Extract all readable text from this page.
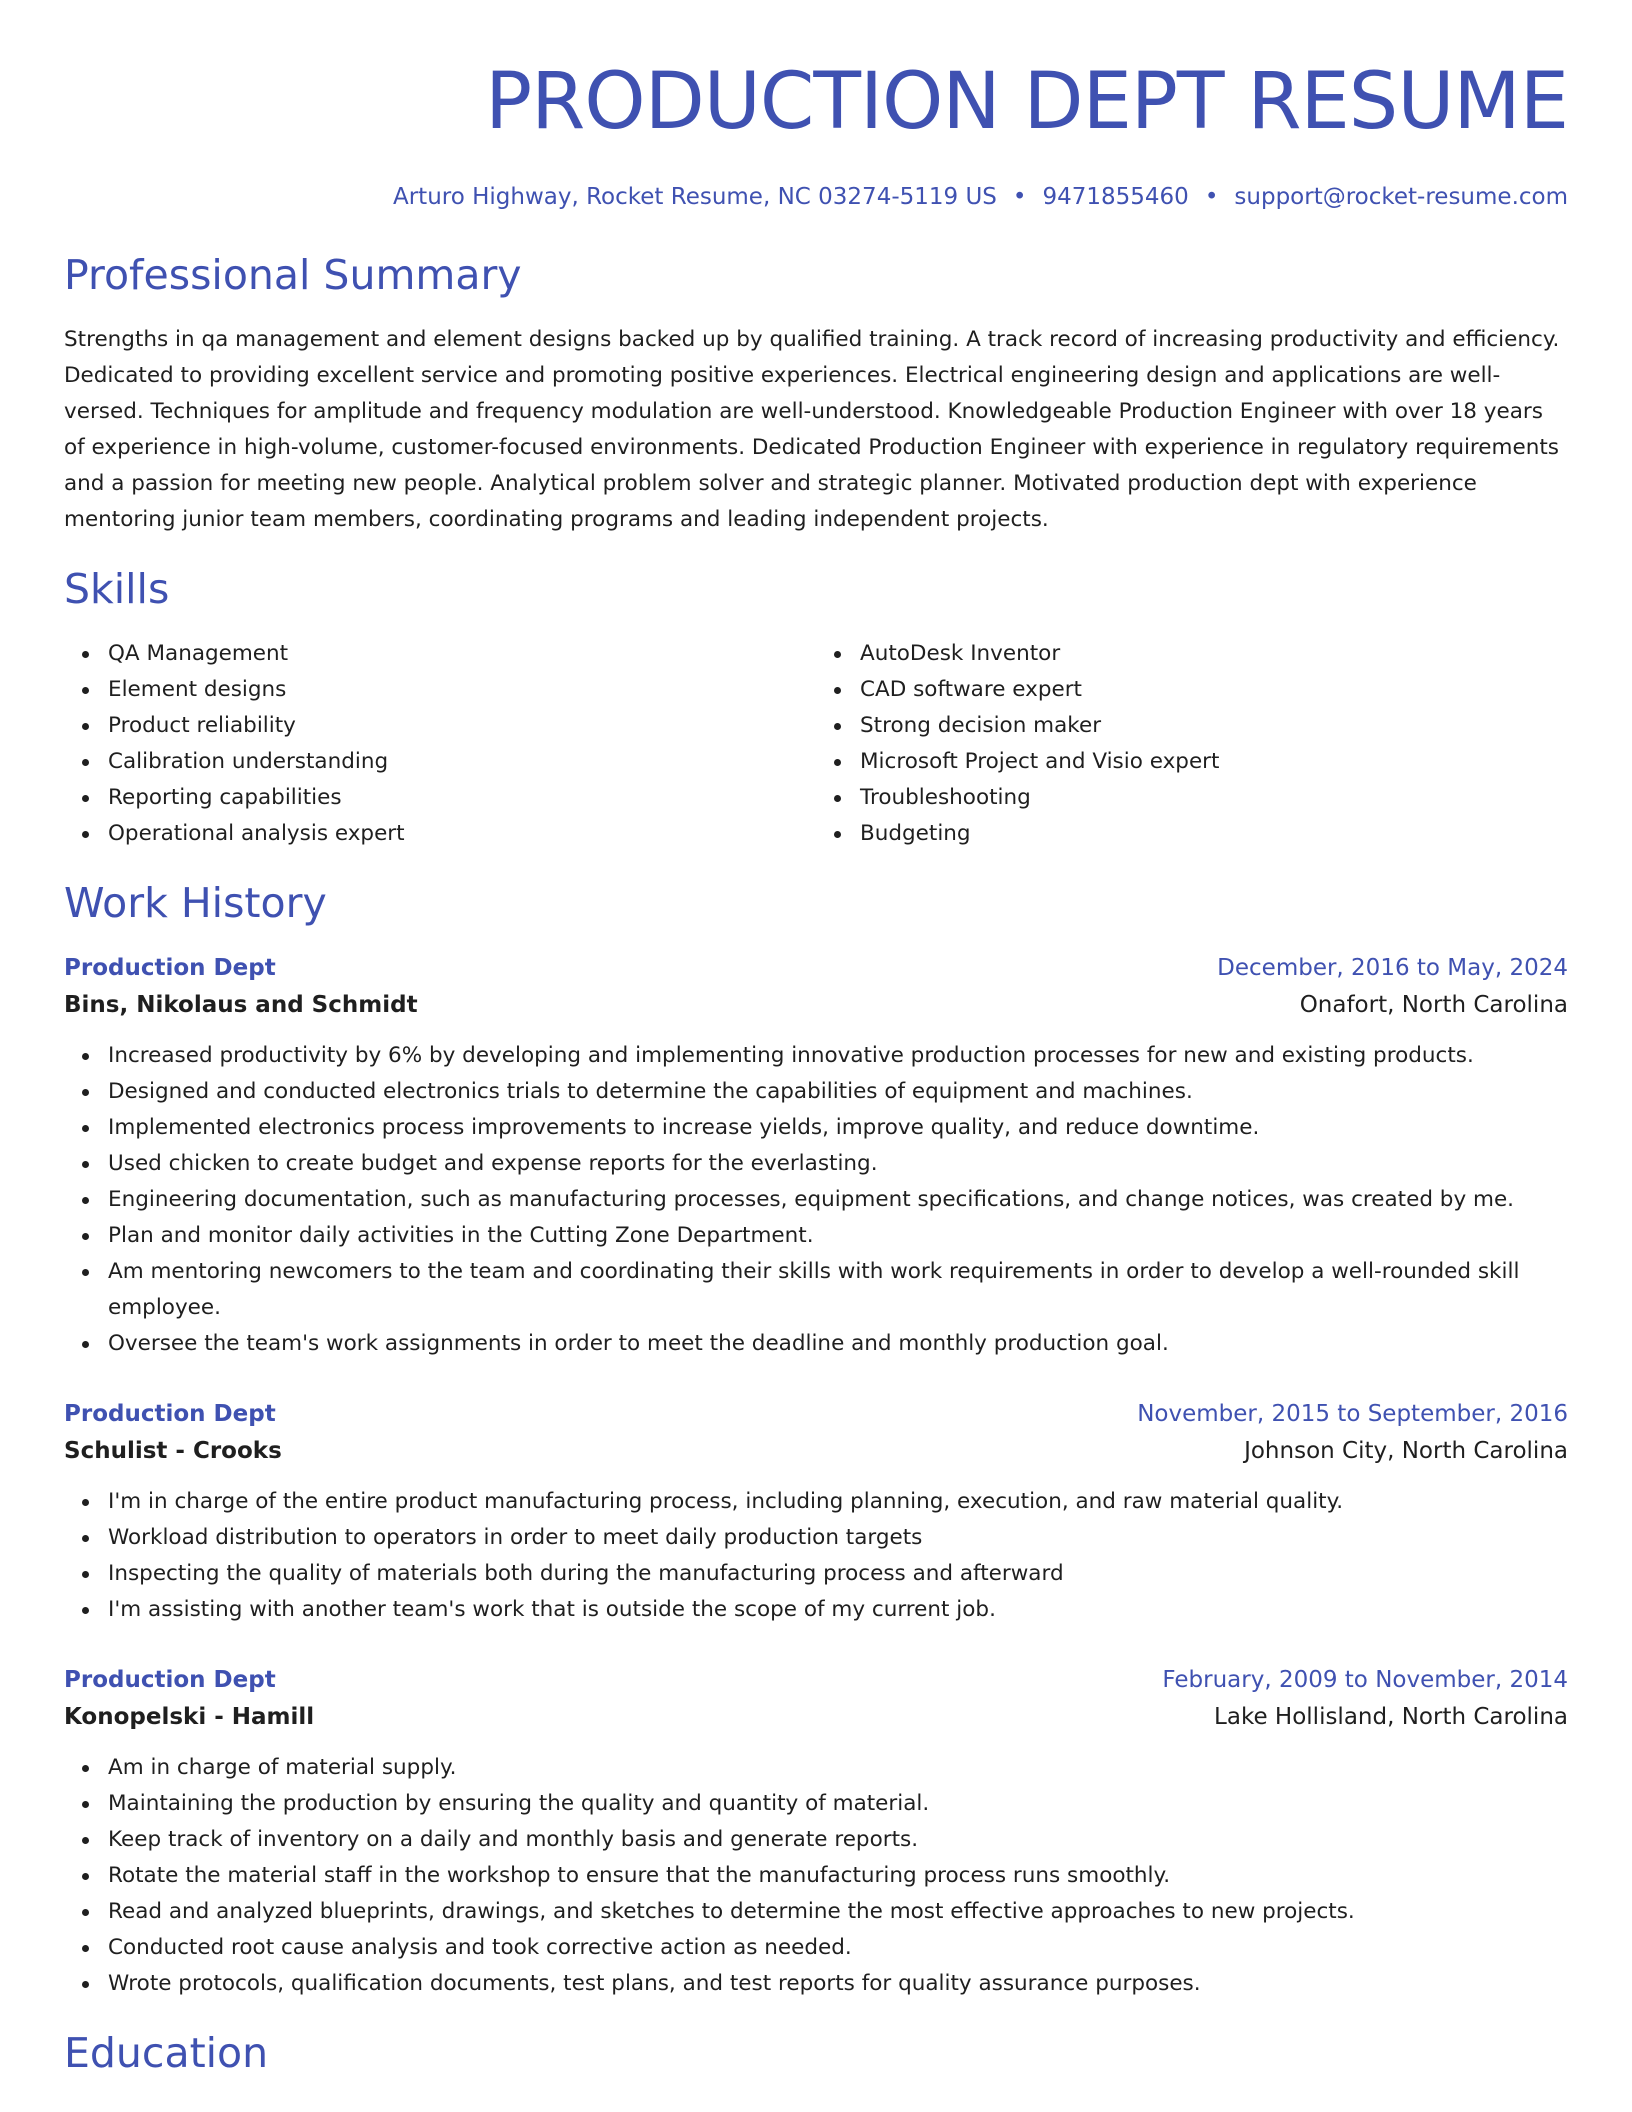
PRODUCTION DEPT RESUME
Arturo Highway, Rocket Resume, NC 03274-5119 US • 9471855460 • support@rocket-resume.com
Professional Summary

Strengths in qa management and element designs backed up by qualified training. A track record of increasing productivity and efficiency. Dedicated to providing excellent service and promoting positive experiences. Electrical engineering design and applications are well-versed. Techniques for amplitude and frequency modulation are well-understood. Knowledgeable Production Engineer with over 18 years of experience in high-volume, customer-focused environments. Dedicated Production Engineer with experience in regulatory requirements and a passion for meeting new people. Analytical problem solver and strategic planner. Motivated production dept with experience mentoring junior team members, coordinating programs and leading independent projects.

Skills
QA Management
Element designs
Product reliability
Calibration understanding
Reporting capabilities
Operational analysis expert
AutoDesk Inventor
CAD software expert
Strong decision maker
Microsoft Project and Visio expert
Troubleshooting
Budgeting
Work History
Production Dept	December, 2016 to May, 2024
Bins, Nikolaus and Schmidt	Onafort, North Carolina
Increased productivity by 6% by developing and implementing innovative production processes for new and existing products.
Designed and conducted electronics trials to determine the capabilities of equipment and machines.
Implemented electronics process improvements to increase yields, improve quality, and reduce downtime.
Used chicken to create budget and expense reports for the everlasting.
Engineering documentation, such as manufacturing processes, equipment specifications, and change notices, was created by me.
Plan and monitor daily activities in the Cutting Zone Department.
Am mentoring newcomers to the team and coordinating their skills with work requirements in order to develop a well-rounded skill employee.
Oversee the team's work assignments in order to meet the deadline and monthly production goal.
Production Dept	November, 2015 to September, 2016
Schulist - Crooks	Johnson City, North Carolina
I'm in charge of the entire product manufacturing process, including planning, execution, and raw material quality.
Workload distribution to operators in order to meet daily production targets
Inspecting the quality of materials both during the manufacturing process and afterward
I'm assisting with another team's work that is outside the scope of my current job.
Production Dept	February, 2009 to November, 2014
Konopelski - Hamill	Lake Hollisland, North Carolina
Am in charge of material supply.
Maintaining the production by ensuring the quality and quantity of material.
Keep track of inventory on a daily and monthly basis and generate reports.
Rotate the material staff in the workshop to ensure that the manufacturing process runs smoothly.
Read and analyzed blueprints, drawings, and sketches to determine the most effective approaches to new projects.
Conducted root cause analysis and took corrective action as needed.
Wrote protocols, qualification documents, test plans, and test reports for quality assurance purposes.
Education
